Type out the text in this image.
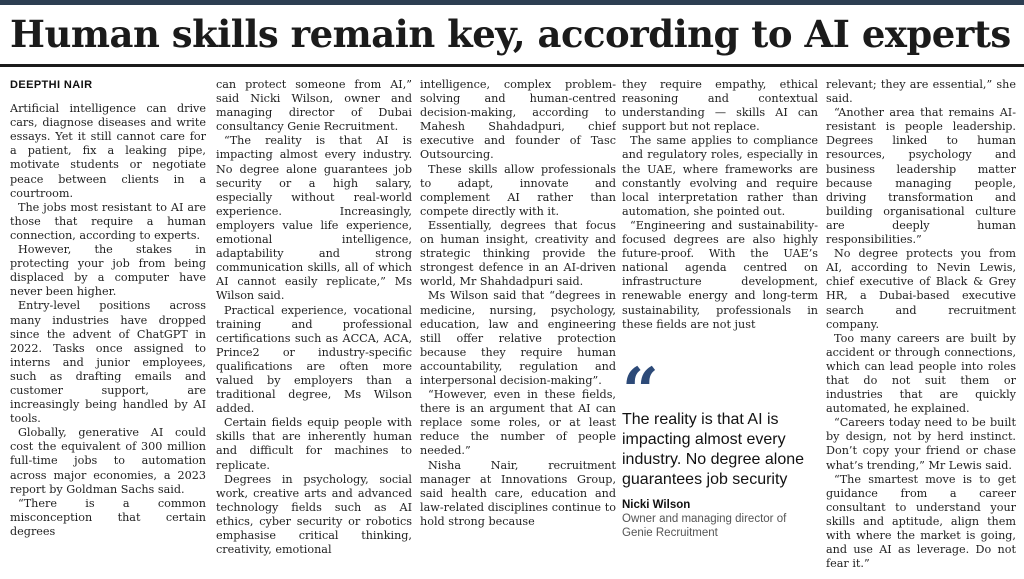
Human skills remain key, according to AI experts
DEEPTHI NAIR

Artificial intelligence can drive cars, diagnose diseases and write essays. Yet it still cannot care for a patient, fix a leaking pipe, motivate students or negotiate peace between clients in a courtroom.

The jobs most resistant to AI are those that require a human connection, according to experts.

However, the stakes in protecting your job from being displaced by a computer have never been higher.

Entry-level positions across many industries have dropped since the advent of ChatGPT in 2022. Tasks once assigned to interns and junior employees, such as drafting emails and customer support, are increasingly being handled by AI tools.

Globally, generative AI could cost the equivalent of 300 million full-time jobs to automation across major economies, a 2023 report by Goldman Sachs said.

“There is a common misconception that certain degrees

can protect someone from AI,” said Nicki Wilson, owner and managing director of Dubai consultancy Genie Recruitment.

“The reality is that AI is impacting almost every industry. No degree alone guarantees job security or a high salary, especially without real-world experience. Increasingly, employers value life experience, emotional intelligence, adaptability and strong communication skills, all of which AI cannot easily replicate,” Ms Wilson said.

Practical experience, vocational training and professional certifications such as ACCA, ACA, Prince2 or industry-specific qualifications are often more valued by employers than a traditional degree, Ms Wilson added.

Certain fields equip people with skills that are inherently human and difficult for machines to replicate.

Degrees in psychology, social work, creative arts and advanced technology fields such as AI ethics, cyber security or robotics emphasise critical thinking, creativity, emotional

intelligence, complex problem-solving and human-centred decision-making, according to Mahesh Shahdadpuri, chief executive and founder of Tasc Outsourcing.

These skills allow professionals to adapt, innovate and complement AI rather than compete directly with it.

Essentially, degrees that focus on human insight, creativity and strategic thinking provide the strongest defence in an AI-driven world, Mr Shahdadpuri said.

Ms Wilson said that “degrees in medicine, nursing, psychology, education, law and engineering still offer relative protection because they require human accountability, regulation and interpersonal decision-making”.

“However, even in these fields, there is an argument that AI can replace some roles, or at least reduce the number of people needed.”

Nisha Nair, recruitment manager at Innovations Group, said health care, education and law-related disciplines continue to hold strong because

they require empathy, ethical reasoning and contextual understanding — skills AI can support but not replace.

The same applies to compliance and regulatory roles, especially in the UAE, where frameworks are constantly evolving and require local interpretation rather than automation, she pointed out.

“Engineering and sustainability-focused degrees are also highly future-proof. With the UAE’s national agenda centred on infrastructure development, renewable energy and long-term sustainability, professionals in these fields are not just

“
The reality is that AI is impacting almost every industry. No degree alone guarantees job security
Nicki Wilson
Owner and managing director of Genie Recruitment

relevant; they are essential,” she said.

“Another area that remains AI-resistant is people leadership. Degrees linked to human resources, psychology and business leadership matter because managing people, driving transformation and building organisational culture are deeply human responsibilities.”

No degree protects you from AI, according to Nevin Lewis, chief executive of Black & Grey HR, a Dubai-based executive search and recruitment company.

Too many careers are built by accident or through connections, which can lead people into roles that do not suit them or industries that are quickly automated, he explained.

“Careers today need to be built by design, not by herd instinct. Don’t copy your friend or chase what’s trending,” Mr Lewis said.

“The smartest move is to get guidance from a career consultant to understand your skills and aptitude, align them with where the market is going, and use AI as leverage. Do not fear it.”
